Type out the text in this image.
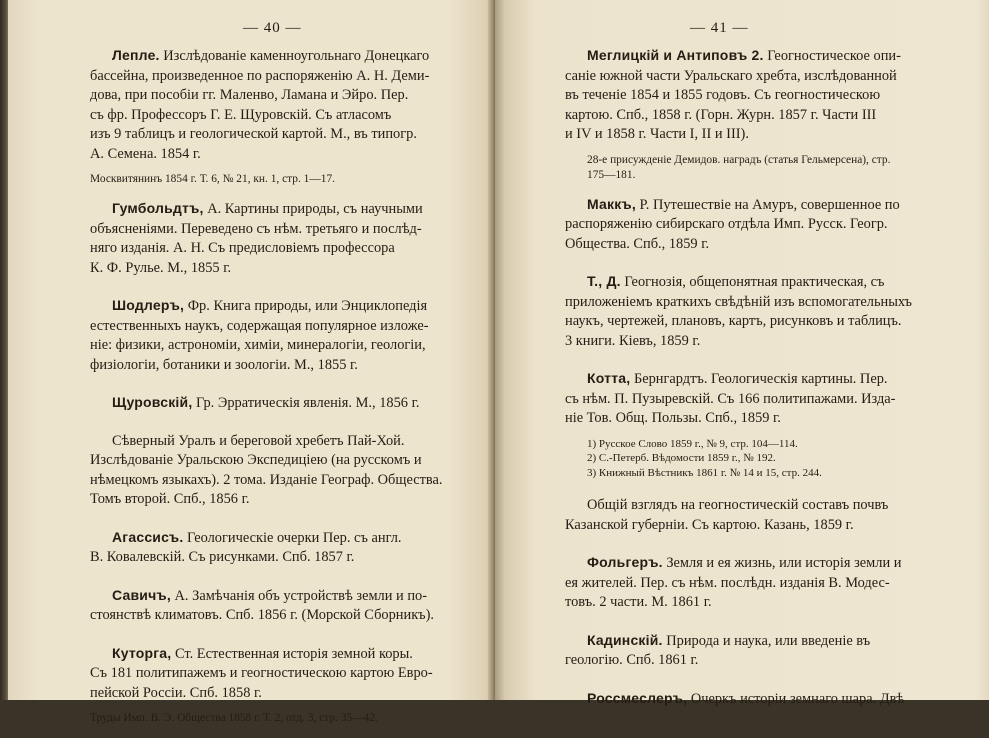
— 40 —
Лепле. Изслѣдованіе каменноугольнаго Донецкаго
бассейна, произведенное по распоряженію А. Н. Деми-
дова, при пособіи гг. Маленво, Ламана и Эйро. Пер.
съ фр. Профессоръ Г. Е. Щуровскій. Съ атласомъ
изъ 9 таблицъ и геологической картой. М., въ типогр.
А. Семена. 1854 г.
Москвитянинъ 1854 г. Т. 6, № 21, кн. 1, стр. 1—17.
Гумбольдтъ, А. Картины природы, съ научными
объясненіями. Переведено съ нѣм. третьяго и послѣд-
няго изданія. А. Н. Съ предисловіемъ профессора
К. Ф. Рулье. М., 1855 г.
Шодлеръ, Фр. Книга природы, или Энциклопедія
естественныхъ наукъ, содержащая популярное изложе-
ніе: физики, астрономіи, химіи, минералогіи, геологіи,
физіологіи, ботаники и зоологіи. М., 1855 г.
Щуровскій, Гр. Эрратическія явленія. М., 1856 г.
Сѣверный Уралъ и береговой хребетъ Пай-Хой.
Изслѣдованіе Уральскою Экспедиціею (на русскомъ и
нѣмецкомъ языкахъ). 2 тома. Изданіе Географ. Общества.
Томъ второй. Спб., 1856 г.
Агассисъ. Геологическіе очерки Пер. съ англ.
В. Ковалевскій. Съ рисунками. Спб. 1857 г.
Савичъ, А. Замѣчанія объ устройствѣ земли и по-
стоянствѣ климатовъ. Спб. 1856 г. (Морской Сборникъ).
Куторга, Ст. Естественная исторія земной коры.
Съ 181 политипажемъ и геогностическою картою Евро-
пейской Россіи. Спб. 1858 г.
Труды Имп. В. Э. Общества 1858 г. Т. 2, отд. 3, стр. 35—42.
— 41 —
Меглицкій и Антиповъ 2. Геогностическое опи-
саніе южной части Уральскаго хребта, изслѣдованной
въ теченіе 1854 и 1855 годовъ. Съ геогностическою
картою. Спб., 1858 г. (Горн. Журн. 1857 г. Части III
и IV и 1858 г. Части I, II и III).
28-е присужденіе Демидов. наградъ (статья Гельмерсена), стр.
175—181.
Маккъ, Р. Путешествіе на Амуръ, совершенное по
распоряженію сибирскаго отдѣла Имп. Русск. Геогр.
Общества. Спб., 1859 г.
Т., Д. Геогнозія, общепонятная практическая, съ
приложеніемъ краткихъ свѣдѣній изъ вспомогательныхъ
наукъ, чертежей, плановъ, картъ, рисунковъ и таблицъ.
3 книги. Кіевъ, 1859 г.
Котта, Бернгардтъ. Геологическія картины. Пер.
съ нѣм. П. Пузыревскій. Съ 166 политипажами. Изда-
ніе Тов. Общ. Пользы. Спб., 1859 г.
1) Русское Слово 1859 г., № 9, стр. 104—114.
2) С.-Петерб. Вѣдомости 1859 г., № 192.
3) Книжный Вѣстникъ 1861 г. № 14 и 15, стр. 244.
Общій взглядъ на геогностическій составъ почвъ
Казанской губерніи. Съ картою. Казань, 1859 г.
Фольгеръ. Земля и ея жизнь, или исторія земли и
ея жителей. Пер. съ нѣм. послѣдн. изданія В. Модес-
товъ. 2 части. М. 1861 г.
Кадинскій. Природа и наука, или введеніе въ
геологію. Спб. 1861 г.
Россмеслеръ, Очеркъ исторіи земнаго шара. Двѣ
